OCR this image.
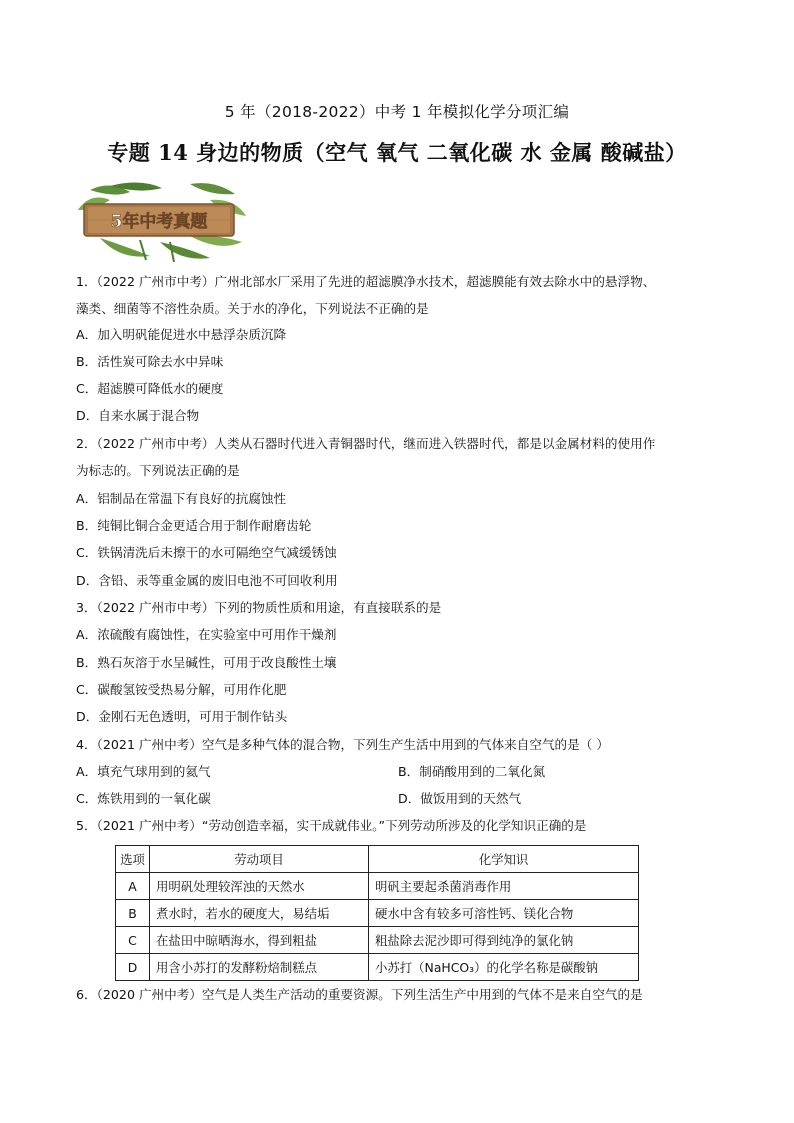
5 年（2018-2022）中考 1 年模拟化学分项汇编
专题 14 身边的物质（空气 氧气 二氧化碳 水 金属 酸碱盐）
5年中考真题
1．（2022 广州市中考）广州北部水厂采用了先进的超滤膜净水技术，超滤膜能有效去除水中的悬浮物、
藻类、细菌等不溶性杂质。关于水的净化，下列说法不正确的是
A．加入明矾能促进水中悬浮杂质沉降
B．活性炭可除去水中异味
C．超滤膜可降低水的硬度
D．自来水属于混合物
2．（2022 广州市中考）人类从石器时代进入青铜器时代，继而进入铁器时代，都是以金属材料的使用作
为标志的。下列说法正确的是
A．铝制品在常温下有良好的抗腐蚀性
B．纯铜比铜合金更适合用于制作耐磨齿轮
C．铁锅清洗后未擦干的水可隔绝空气减缓锈蚀
D．含铅、汞等重金属的废旧电池不可回收利用
3．（2022 广州市中考）下列的物质性质和用途，有直接联系的是
A．浓硫酸有腐蚀性，在实验室中可用作干燥剂
B．熟石灰溶于水呈碱性，可用于改良酸性土壤
C．碳酸氢铵受热易分解，可用作化肥
D．金刚石无色透明，可用于制作钻头
4．（2021 广州中考）空气是多种气体的混合物，下列生产生活中用到的气体来自空气的是（ ）
A．填充气球用到的氦气	B．制硝酸用到的二氧化氮
C．炼铁用到的一氧化碳	D．做饭用到的天然气
5．（2021 广州中考）“劳动创造幸福，实干成就伟业。”下列劳动所涉及的化学知识正确的是
选项	劳动项目	化学知识
A	用明矾处理较浑浊的天然水	明矾主要起杀菌消毒作用
B	煮水时，若水的硬度大，易结垢	硬水中含有较多可溶性钙、镁化合物
C	在盐田中晾晒海水，得到粗盐	粗盐除去泥沙即可得到纯净的氯化钠
D	用含小苏打的发酵粉焙制糕点	小苏打（NaHCO₃）的化学名称是碳酸钠
6．（2020 广州中考）空气是人类生产活动的重要资源。下列生活生产中用到的气体不是来自空气的是
